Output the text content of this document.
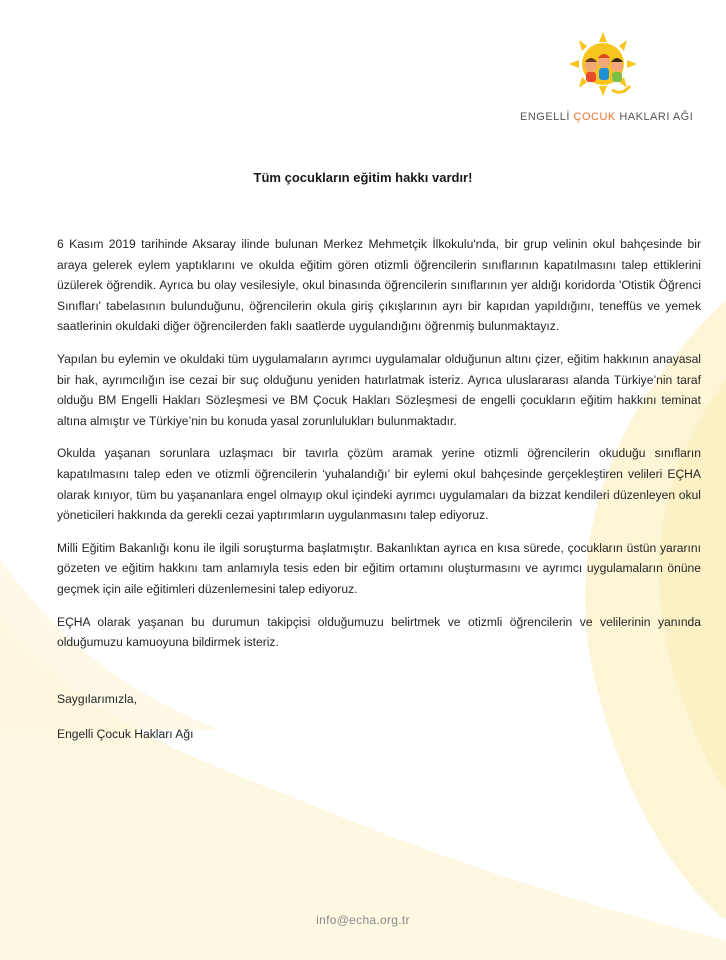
ENGELLİ ÇOCUK HAKLARI AĞI
Tüm çocukların eğitim hakkı vardır!

6 Kasım 2019 tarihinde Aksaray ilinde bulunan Merkez Mehmetçik İlkokulu'nda, bir grup velinin okul bahçesinde bir araya gelerek eylem yaptıklarını ve okulda eğitim gören otizmli öğrencilerin sınıflarının kapatılmasını talep ettiklerini üzülerek öğrendik. Ayrıca bu olay vesilesiyle, okul binasında öğrencilerin sınıflarının yer aldığı koridorda 'Otistik Öğrenci Sınıfları' tabelasının bulunduğunu, öğrencilerin okula giriş çıkışlarının ayrı bir kapıdan yapıldığını, teneffüs ve yemek saatlerinin okuldaki diğer öğrencilerden faklı saatlerde uygulandığını öğrenmiş bulunmaktayız.

Yapılan bu eylemin ve okuldaki tüm uygulamaların ayrımcı uygulamalar olduğunun altını çizer, eğitim hakkının anayasal bir hak, ayrımcılığın ise cezai bir suç olduğunu yeniden hatırlatmak isteriz. Ayrıca uluslararası alanda Türkiye’nin taraf olduğu BM Engelli Hakları Sözleşmesi ve BM Çocuk Hakları Sözleşmesi de engelli çocukların eğitim hakkını teminat altına almıştır ve Türkiye’nin bu konuda yasal zorunlulukları bulunmaktadır.

Okulda yaşanan sorunlara uzlaşmacı bir tavırla çözüm aramak yerine otizmli öğrencilerin okuduğu sınıfların kapatılmasını talep eden ve otizmli öğrencilerin ‘yuhalandığı’ bir eylemi okul bahçesinde gerçekleştiren velileri EÇHA olarak kınıyor, tüm bu yaşananlara engel olmayıp okul içindeki ayrımcı uygulamaları da bizzat kendileri düzenleyen okul yöneticileri hakkında da gerekli cezai yaptırımların uygulanmasını talep ediyoruz.

Milli Eğitim Bakanlığı konu ile ilgili soruşturma başlatmıştır. Bakanlıktan ayrıca en kısa sürede, çocukların üstün yararını gözeten ve eğitim hakkını tam anlamıyla tesis eden bir eğitim ortamını oluşturmasını ve ayrımcı uygulamaların önüne geçmek için aile eğitimleri düzenlemesini talep ediyoruz.

EÇHA olarak yaşanan bu durumun takipçisi olduğumuzu belirtmek ve otizmli öğrencilerin ve velilerinin yanında olduğumuzu kamuoyuna bildirmek isteriz.

Saygılarımızla,
Engelli Çocuk Hakları Ağı
info@echa.org.tr
